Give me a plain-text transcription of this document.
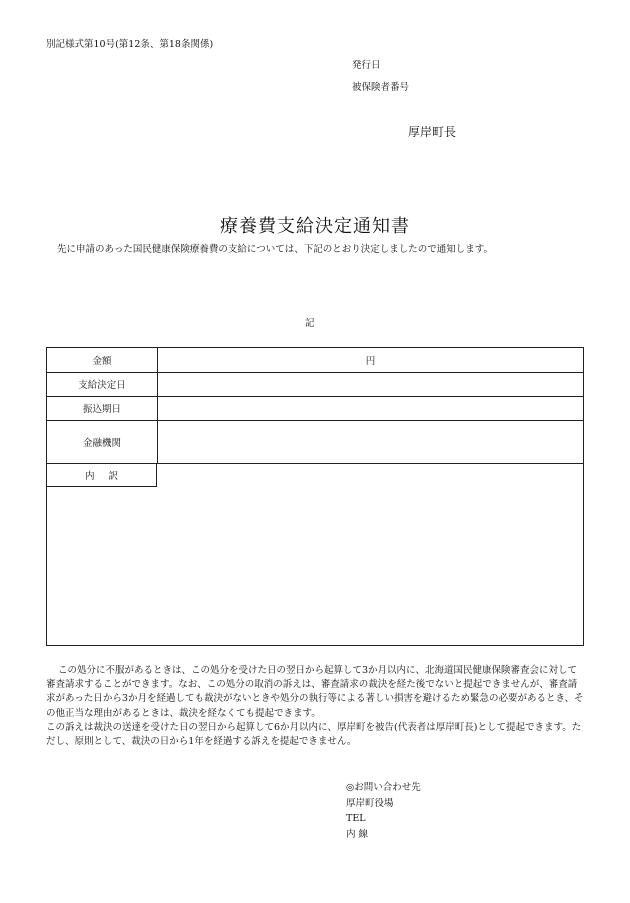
別記様式第10号(第12条、第18条関係)
発行日
被保険者番号
厚岸町長
療養費支給決定通知書
先に申請のあった国民健康保険療養費の支給については、下記のとおり決定しましたので通知します。
記
金額	円
支給決定日
振込期日
金融機関
内訳

この処分に不服があるときは、この処分を受けた日の翌日から起算して3か月以内に、北海道国民健康保険審査会に対して審査請求することができます。なお、この処分の取消の訴えは、審査請求の裁決を経た後でないと提起できませんが、審査請求があった日から3か月を経過しても裁決がないときや処分の執行等による著しい損害を避けるため緊急の必要があるとき、その他正当な理由があるときは、裁決を経なくても提起できます。

この訴えは裁決の送達を受けた日の翌日から起算して6か月以内に、厚岸町を被告(代表者は厚岸町長)として提起できます。ただし、原則として、裁決の日から1年を経過する訴えを提起できません。

◎お問い合わせ先
厚岸町役場
TEL
内 線
